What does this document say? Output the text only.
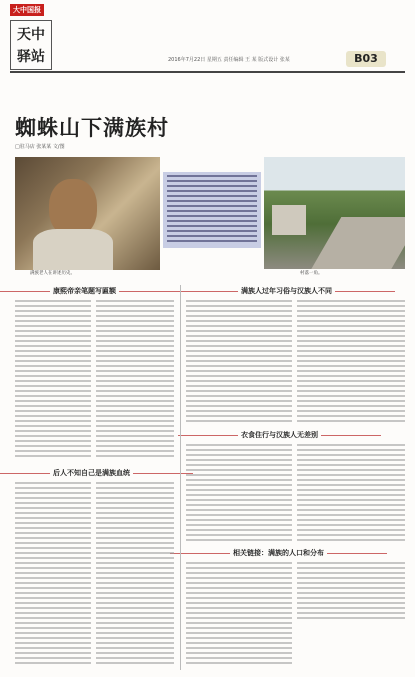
大中国报
天中
驿站	2016年7月22日 星期五 责任编辑 王 某 版式设计 张某	B03
蜘蛛山下满族村
□驻马店 张某某 文/图
满族老人在讲述历史。	村落一角。
康熙帝亲笔题写匾额	满族人过年习俗与汉族人不同
后人不知自己是满族血统
衣食住行与汉族人无差别
相关链接：满族的人口和分布
